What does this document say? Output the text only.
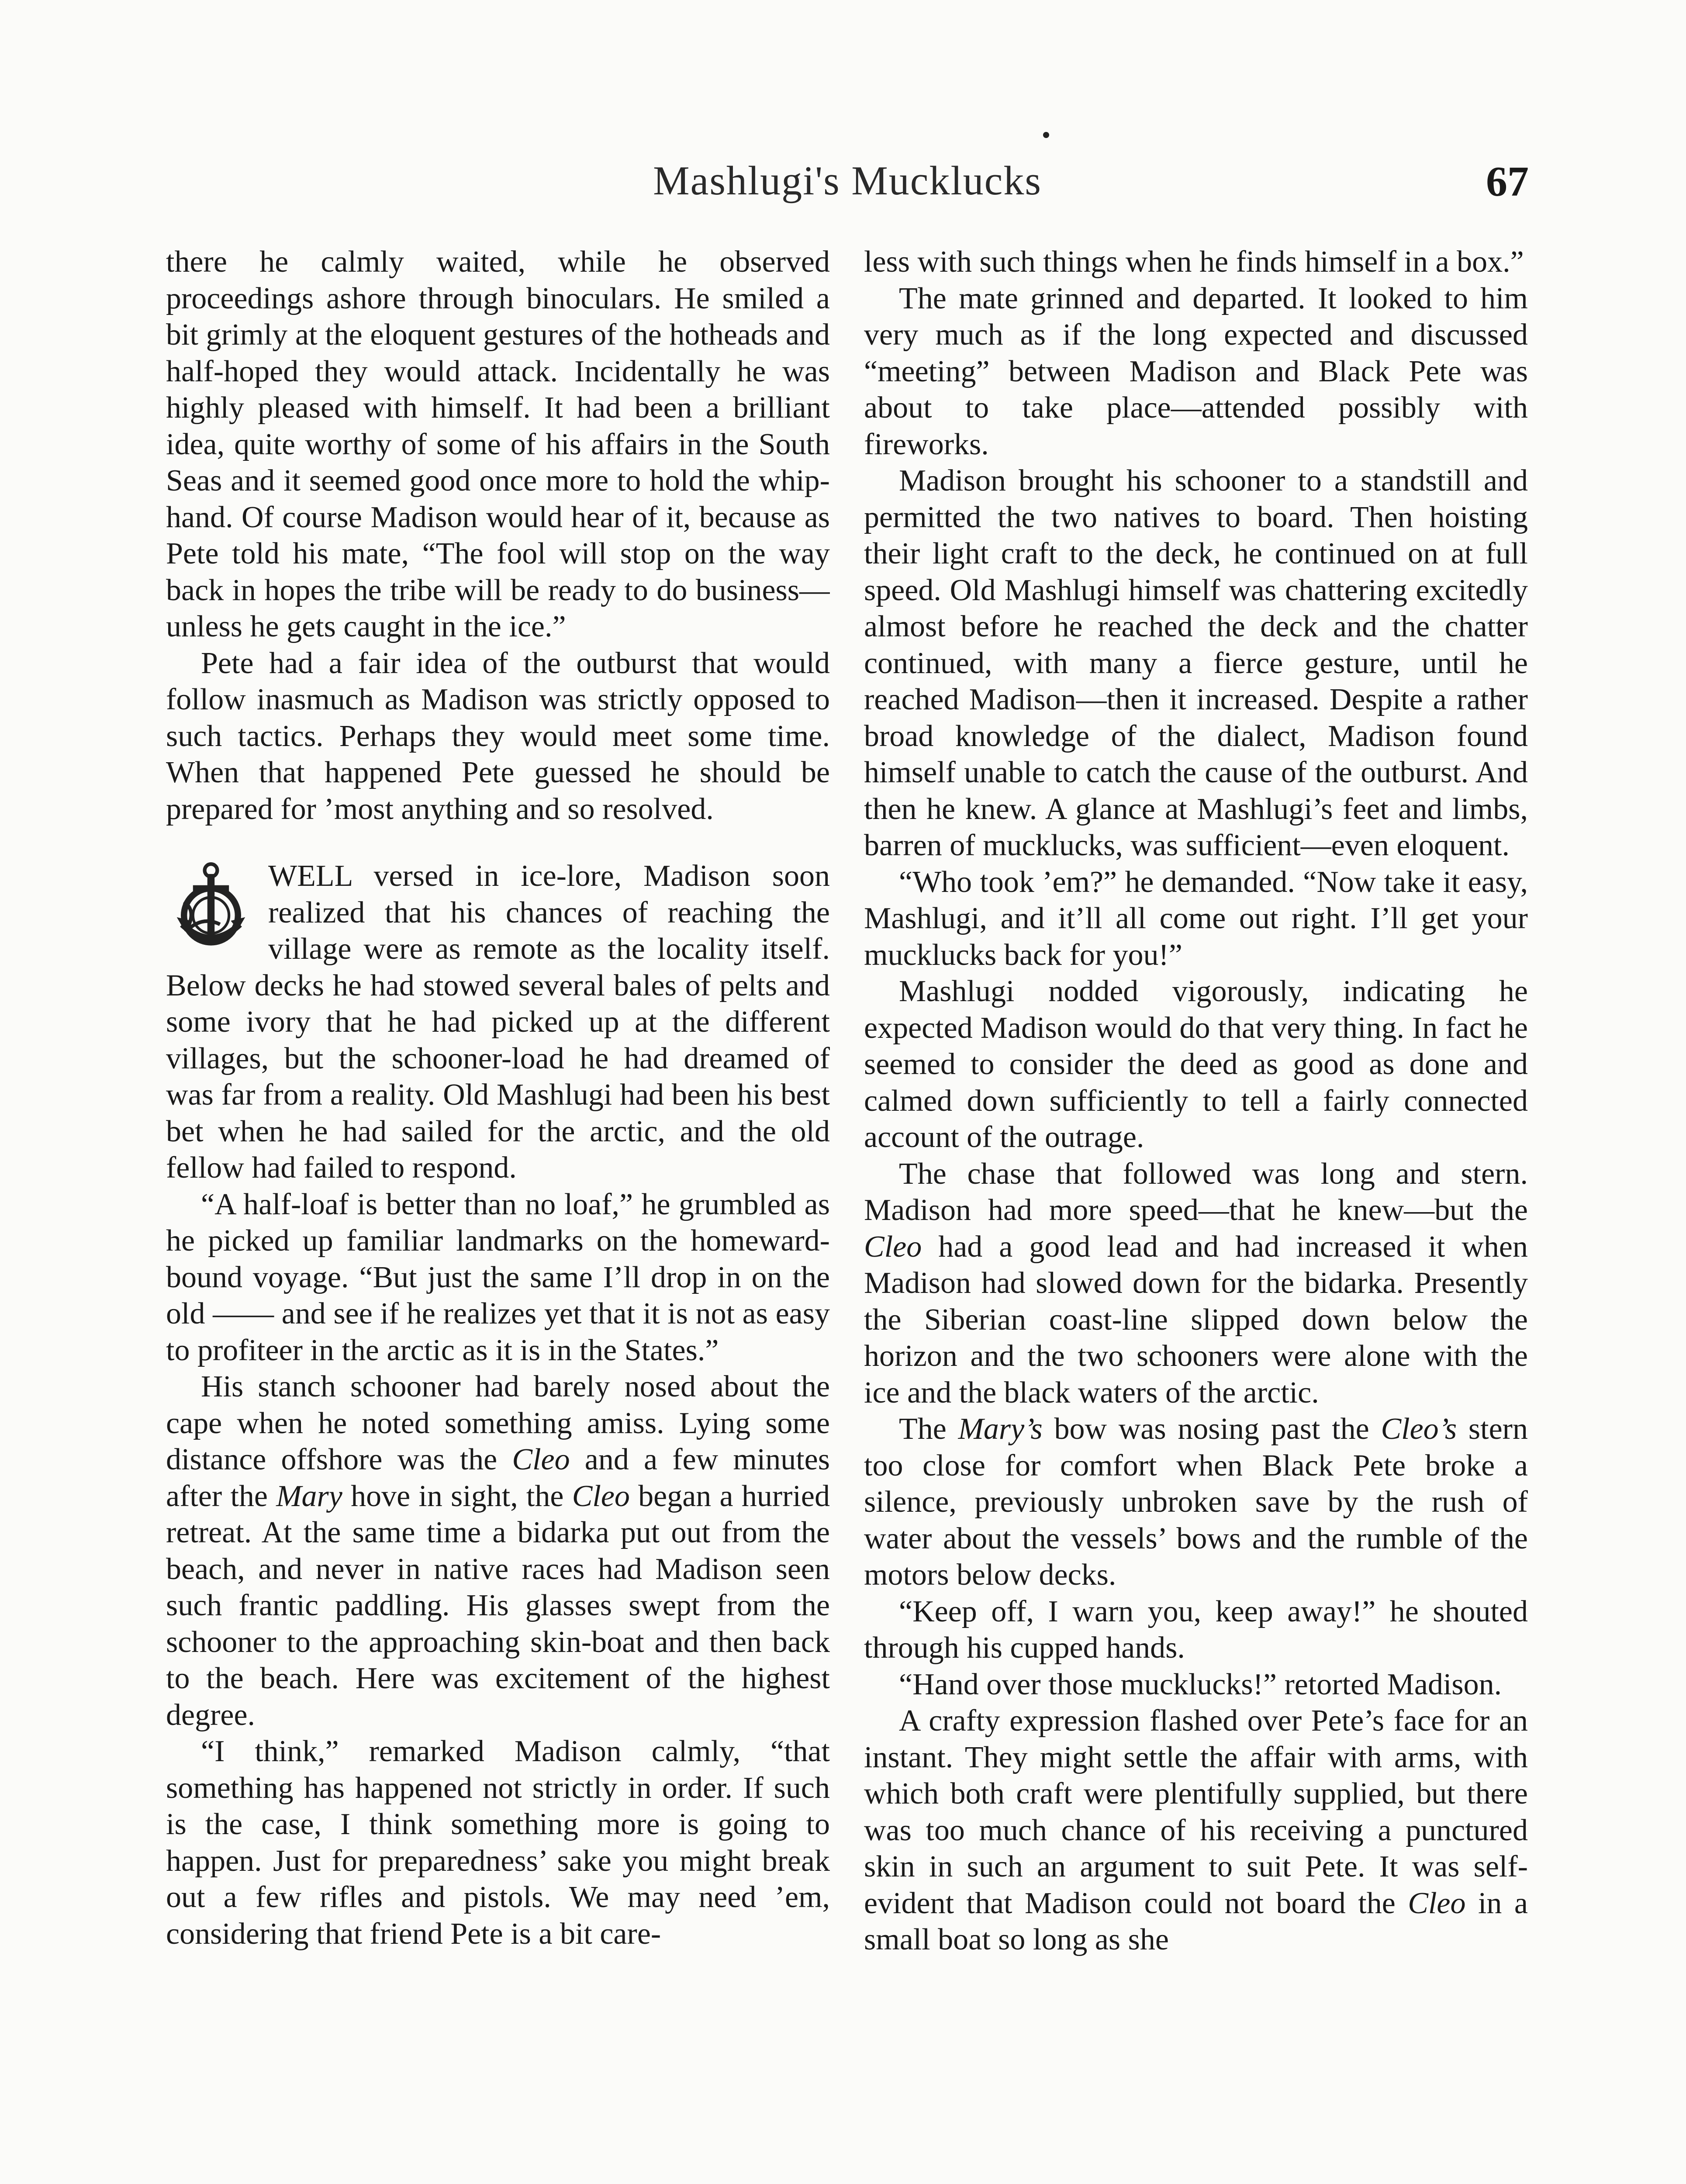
Mashlugi's Mucklucks	67

there he calmly waited, while he observed proceedings ashore through binoculars. He smiled a bit grimly at the eloquent gestures of the hotheads and half-hoped they would attack. Incidentally he was highly pleased with himself. It had been a brilliant idea, quite worthy of some of his affairs in the South Seas and it seemed good once more to hold the whip-hand. Of course Madison would hear of it, because as Pete told his mate, “The fool will stop on the way back in hopes the tribe will be ready to do business—unless he gets caught in the ice.”

Pete had a fair idea of the outburst that would follow inasmuch as Madison was strictly opposed to such tactics. Perhaps they would meet some time. When that happened Pete guessed he should be prepared for ’most anything and so resolved.

WELL versed in ice-lore, Madison soon realized that his chances of reaching the village were as remote as the locality itself. Below decks he had stowed several bales of pelts and some ivory that he had picked up at the different villages, but the schooner-load he had dreamed of was far from a reality. Old Mashlugi had been his best bet when he had sailed for the arctic, and the old fellow had failed to respond.

“A half-loaf is better than no loaf,” he grumbled as he picked up familiar landmarks on the homeward-bound voyage. “But just the same I’ll drop in on the old —— and see if he realizes yet that it is not as easy to profiteer in the arctic as it is in the States.”

His stanch schooner had barely nosed about the cape when he noted something amiss. Lying some distance offshore was the Cleo and a few minutes after the Mary hove in sight, the Cleo began a hurried retreat. At the same time a bidarka put out from the beach, and never in native races had Madison seen such frantic paddling. His glasses swept from the schooner to the approaching skin-boat and then back to the beach. Here was excitement of the highest degree.

“I think,” remarked Madison calmly, “that something has happened not strictly in order. If such is the case, I think something more is going to happen. Just for preparedness’ sake you might break out a few rifles and pistols. We may need ’em, considering that friend Pete is a bit care-

less with such things when he finds himself in a box.”

The mate grinned and departed. It looked to him very much as if the long expected and discussed “meeting” between Madison and Black Pete was about to take place—attended possibly with fireworks.

Madison brought his schooner to a standstill and permitted the two natives to board. Then hoisting their light craft to the deck, he continued on at full speed. Old Mashlugi himself was chattering excitedly almost before he reached the deck and the chatter continued, with many a fierce gesture, until he reached Madison—then it increased. Despite a rather broad knowledge of the dialect, Madison found himself unable to catch the cause of the outburst. And then he knew. A glance at Mashlugi’s feet and limbs, barren of mucklucks, was sufficient—even eloquent.

“Who took ’em?” he demanded. “Now take it easy, Mashlugi, and it’ll all come out right. I’ll get your mucklucks back for you!”

Mashlugi nodded vigorously, indicating he expected Madison would do that very thing. In fact he seemed to consider the deed as good as done and calmed down sufficiently to tell a fairly connected account of the outrage.

The chase that followed was long and stern. Madison had more speed—that he knew—but the Cleo had a good lead and had increased it when Madison had slowed down for the bidarka. Presently the Siberian coast-line slipped down below the horizon and the two schooners were alone with the ice and the black waters of the arctic.

The Mary’s bow was nosing past the Cleo’s stern too close for comfort when Black Pete broke a silence, previously unbroken save by the rush of water about the vessels’ bows and the rumble of the motors below decks.

“Keep off, I warn you, keep away!” he shouted through his cupped hands.

“Hand over those mucklucks!” retorted Madison.

A crafty expression flashed over Pete’s face for an instant. They might settle the affair with arms, with which both craft were plentifully supplied, but there was too much chance of his receiving a punctured skin in such an argument to suit Pete. It was self-evident that Madison could not board the Cleo in a small boat so long as she
